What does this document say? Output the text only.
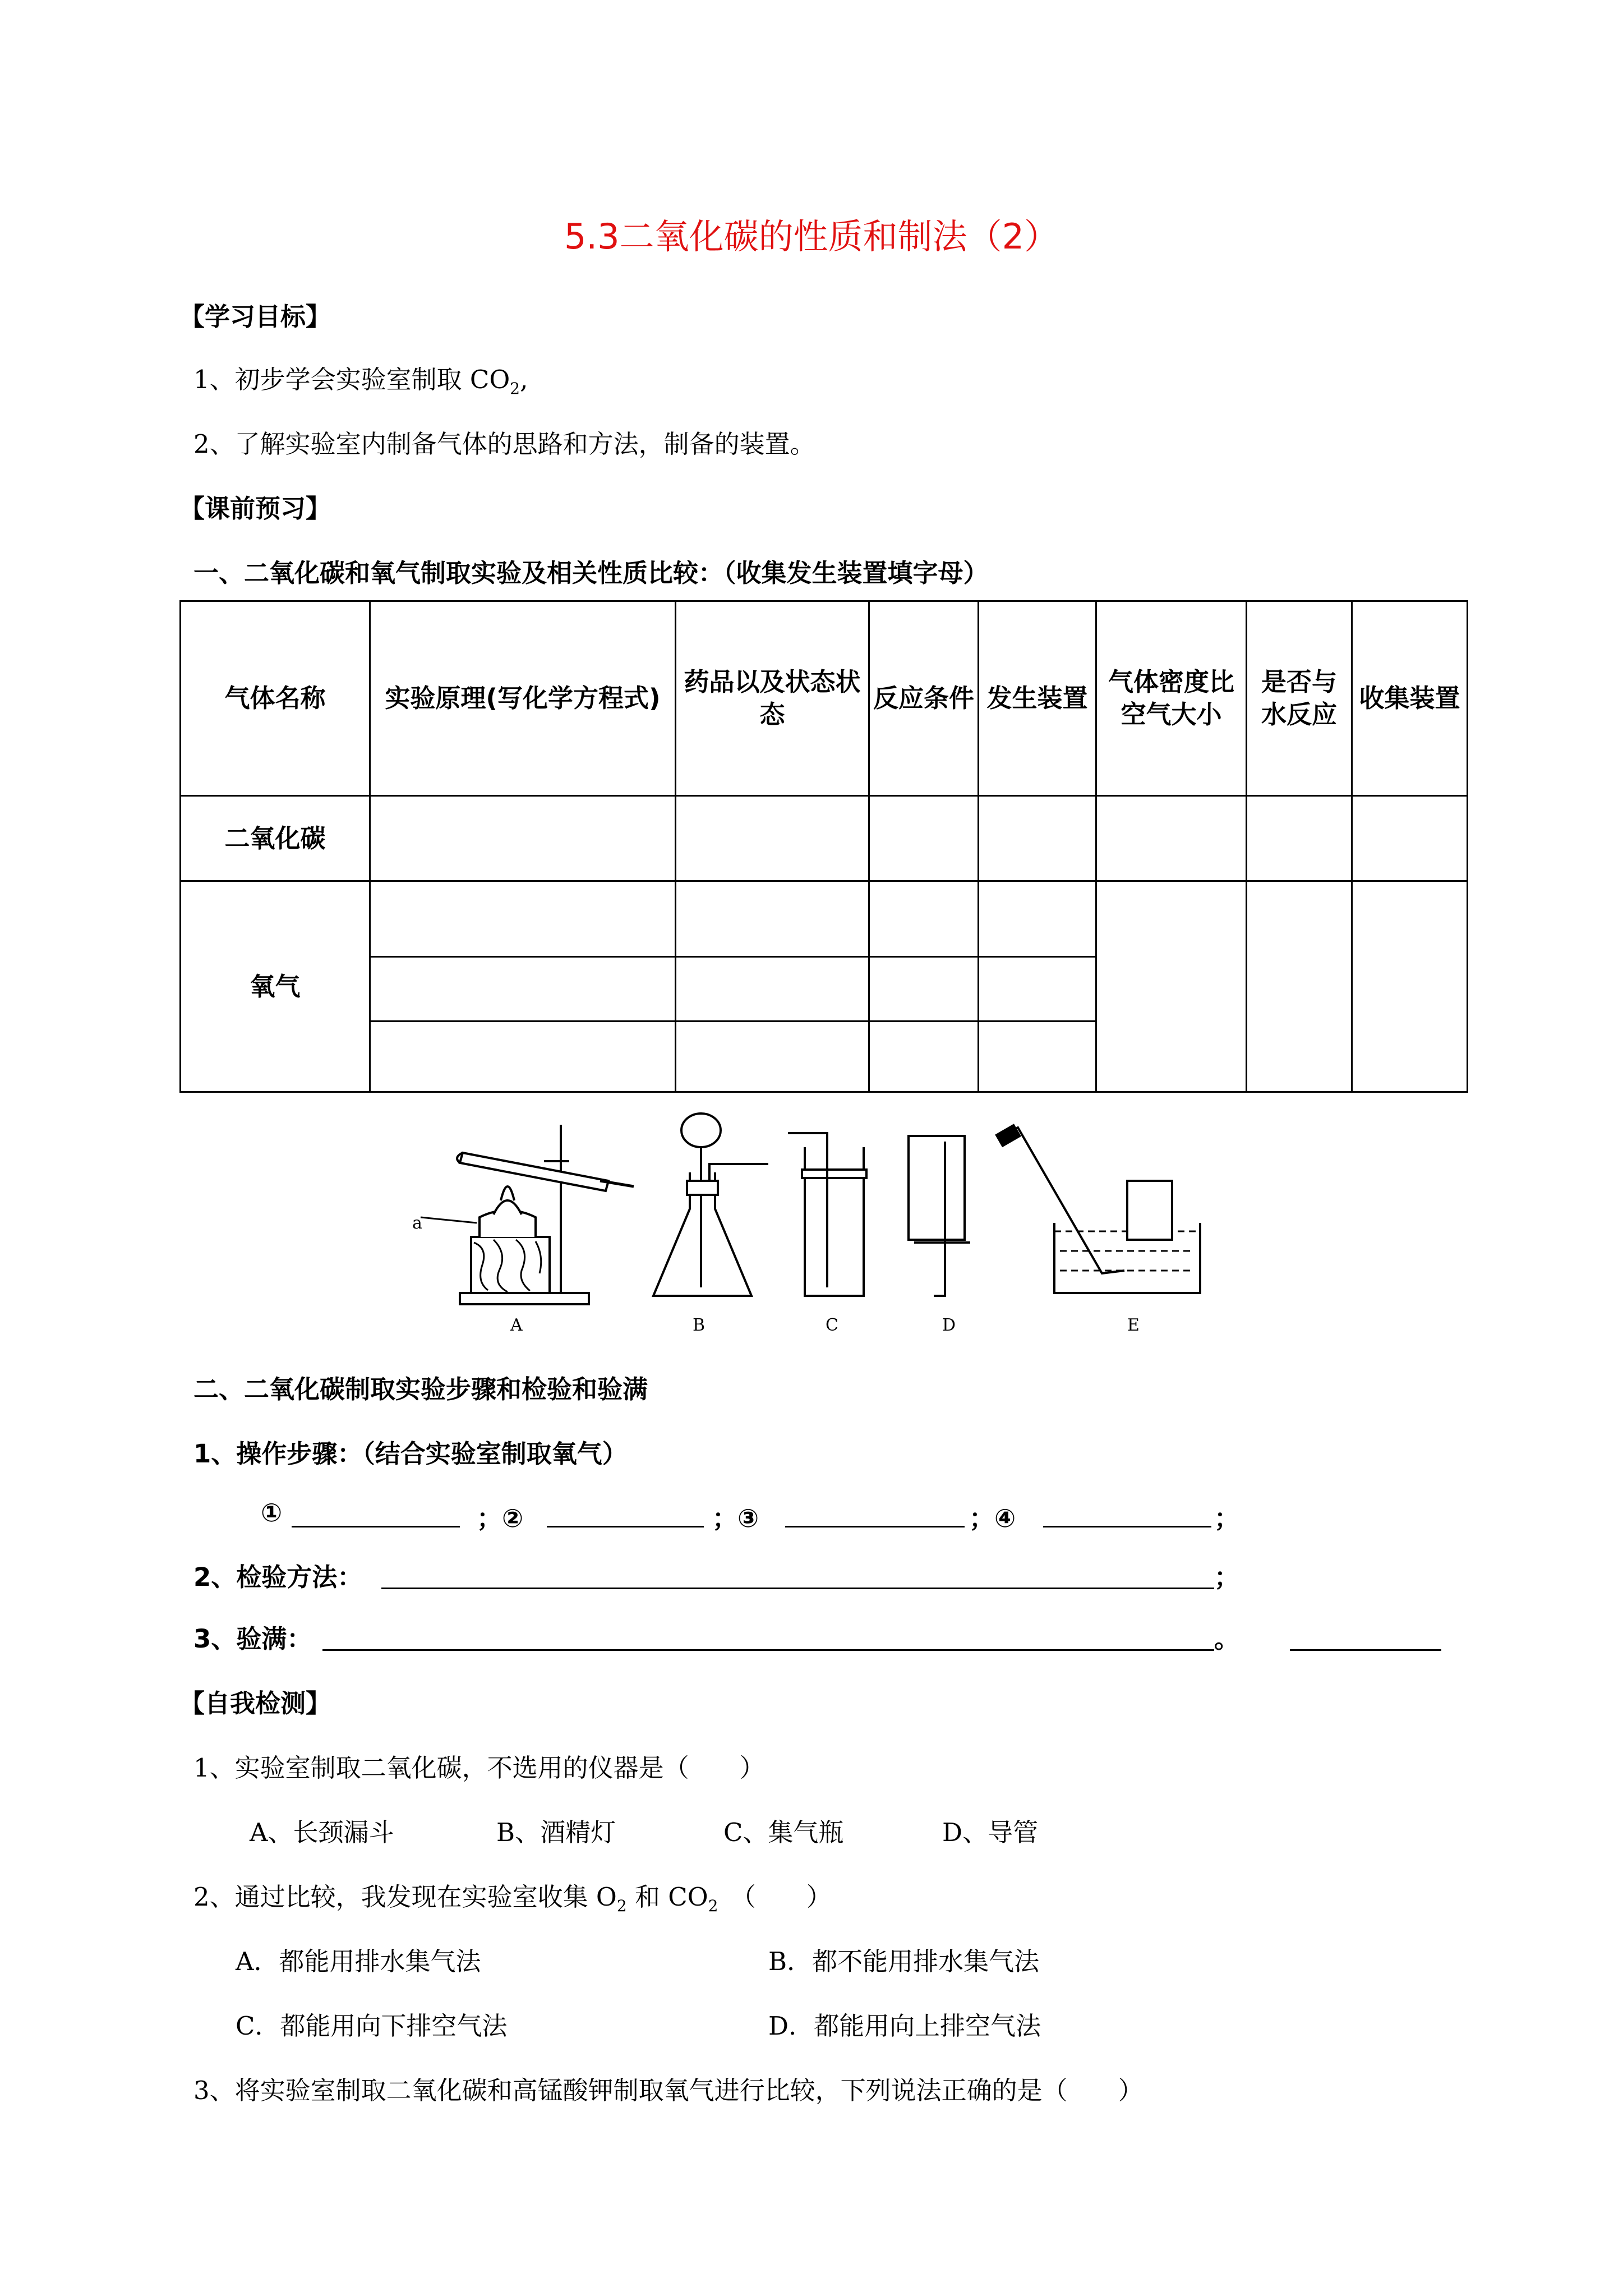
5.3二氧化碳的性质和制法（2）
【学习目标】
1、初步学会实验室制取 $CO_2$,
2、了解实验室内制备气体的思路和方法，制备的装置。
【课前预习】
一、二氧化碳和氧气制取实验及相关性质比较：（收集发生装置填字母）
气体名称	实验原理(写化学方程式)	药品以及状态状态	反应条件	发生装置	气体密度比空气大小	是否与水反应	收集装置
二氧化碳							
氧气							

a
A	B	C	D	E
二、二氧化碳制取实验步骤和检验和验满
1、操作步骤：（结合实验室制取氧气）
①	；②	；③	；④	；
2、检验方法：	；
3、验满：	。
【自我检测】
1、实验室制取二氧化碳，不选用的仪器是（　　）
A、长颈漏斗	B、酒精灯	C、集气瓶	D、导管
2、通过比较，我发现在实验室收集 $O_2$ 和 $CO_2$　（　　）
A．都能用排水集气法	B．都不能用排水集气法
C．都能用向下排空气法	D．都能用向上排空气法
3、将实验室制取二氧化碳和高锰酸钾制取氧气进行比较，下列说法正确的是（　　）
